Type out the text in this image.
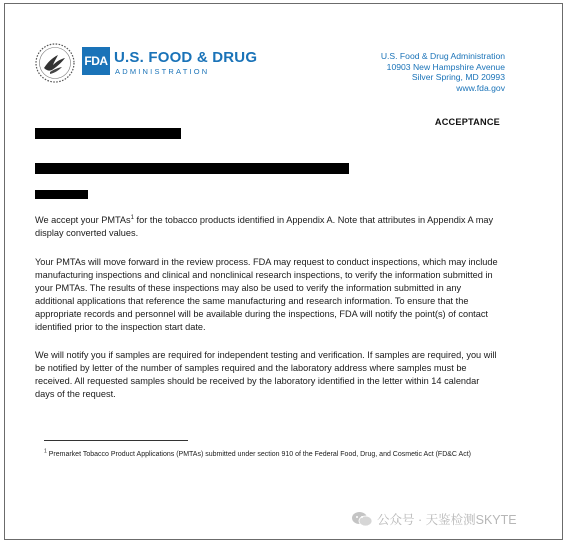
FDA U.S. FOOD & DRUG
ADMINISTRATION
U.S. Food & Drug Administration
10903 New Hampshire Avenue
Silver Spring, MD 20993
www.fda.gov
ACCEPTANCE
We accept your PMTAs$^1$ for the tobacco products identified in Appendix A. Note that attributes in Appendix A may display converted values.
Your PMTAs will move forward in the review process. FDA may request to conduct inspections, which may include manufacturing inspections and clinical and nonclinical research inspections, to verify the information submitted in your PMTAs. The results of these inspections may also be used to verify the information submitted in any additional applications that reference the same manufacturing and research information. To ensure that the appropriate records and personnel will be available during the inspections, FDA will notify the point(s) of contact identified prior to the inspection start date.
We will notify you if samples are required for independent testing and verification. If samples are required, you will be notified by letter of the number of samples required and the laboratory address where samples must be received. All requested samples should be received by the laboratory identified in the letter within 14 calendar days of the request.
$^1$ Premarket Tobacco Product Applications (PMTAs) submitted under section 910 of the Federal Food, Drug, and Cosmetic Act (FD&C Act)
公众号 · 天鉴检测SKYTE
